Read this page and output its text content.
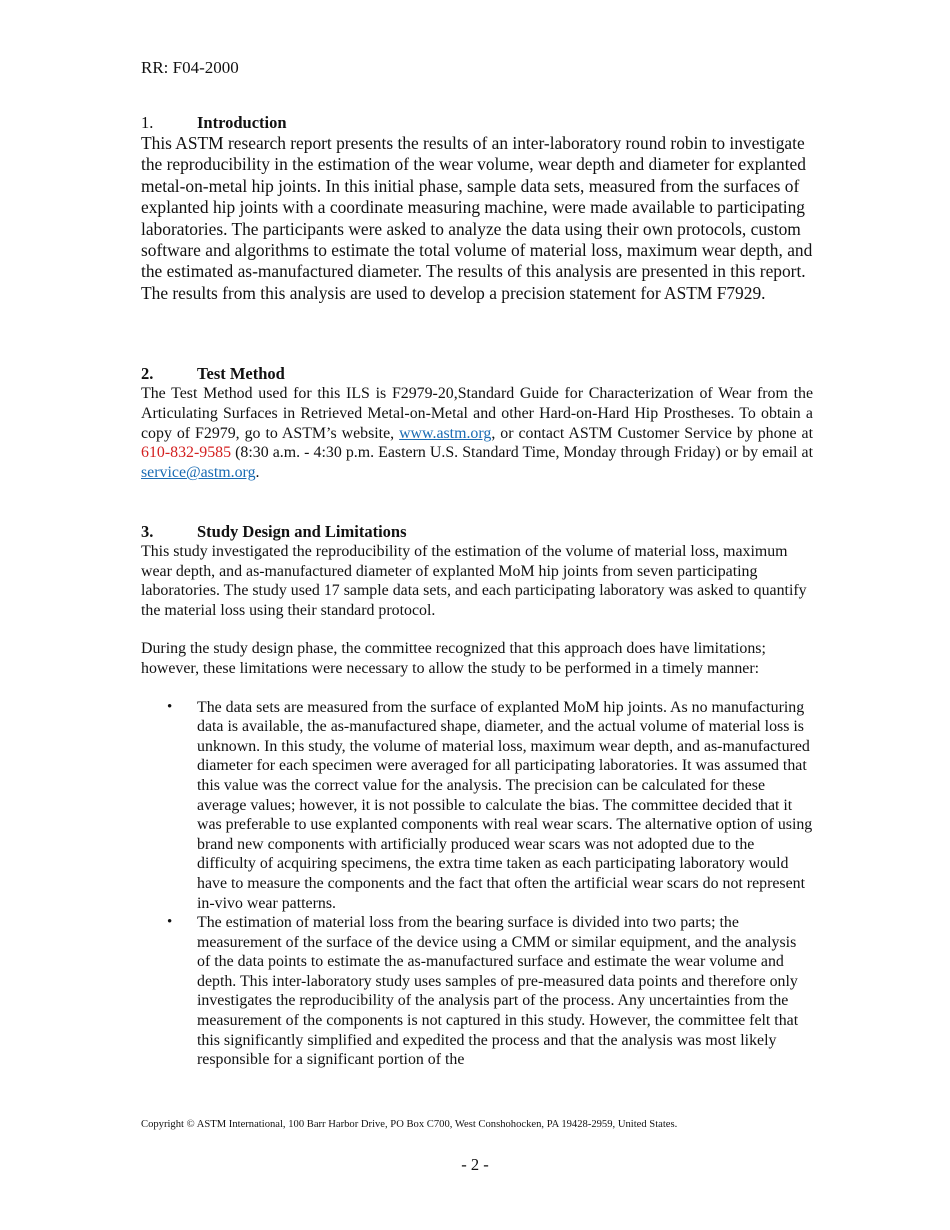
RR: F04-2000
1.	Introduction

This ASTM research report presents the results of an inter-laboratory round robin to investigate the reproducibility in the estimation of the wear volume, wear depth and diameter for explanted metal-on-metal hip joints. In this initial phase, sample data sets, measured from the surfaces of explanted hip joints with a coordinate measuring machine, were made available to participating laboratories. The participants were asked to analyze the data using their own protocols, custom software and algorithms to estimate the total volume of material loss, maximum wear depth, and the estimated as-manufactured diameter. The results of this analysis are presented in this report. The results from this analysis are used to develop a precision statement for ASTM F7929.

2.	Test Method

The Test Method used for this ILS is F2979-20,Standard Guide for Characterization of Wear from the Articulating Surfaces in Retrieved Metal-on-Metal and other Hard-on-Hard Hip Prostheses. To obtain a copy of F2979, go to ASTM’s website, www.astm.org, or contact ASTM Customer Service by phone at 610-832-9585 (8:30 a.m. - 4:30 p.m. Eastern U.S. Standard Time, Monday through Friday) or by email at service@astm.org.

3.	Study Design and Limitations

This study investigated the reproducibility of the estimation of the volume of material loss, maximum wear depth, and as-manufactured diameter of explanted MoM hip joints from seven participating laboratories. The study used 17 sample data sets, and each participating laboratory was asked to quantify the material loss using their standard protocol.

During the study design phase, the committee recognized that this approach does have limitations; however, these limitations were necessary to allow the study to be performed in a timely manner:

• The data sets are measured from the surface of explanted MoM hip joints. As no manufacturing data is available, the as-manufactured shape, diameter, and the actual volume of material loss is unknown. In this study, the volume of material loss, maximum wear depth, and as-manufactured diameter for each specimen were averaged for all participating laboratories. It was assumed that this value was the correct value for the analysis. The precision can be calculated for these average values; however, it is not possible to calculate the bias. The committee decided that it was preferable to use explanted components with real wear scars. The alternative option of using brand new components with artificially produced wear scars was not adopted due to the difficulty of acquiring specimens, the extra time taken as each participating laboratory would have to measure the components and the fact that often the artificial wear scars do not represent in-vivo wear patterns.
• The estimation of material loss from the bearing surface is divided into two parts; the measurement of the surface of the device using a CMM or similar equipment, and the analysis of the data points to estimate the as-manufactured surface and estimate the wear volume and depth. This inter-laboratory study uses samples of pre-measured data points and therefore only investigates the reproducibility of the analysis part of the process. Any uncertainties from the measurement of the components is not captured in this study. However, the committee felt that this significantly simplified and expedited the process and that the analysis was most likely responsible for a significant portion of the
Copyright © ASTM International, 100 Barr Harbor Drive, PO Box C700, West Conshohocken, PA 19428-2959, United States.
- 2 -
